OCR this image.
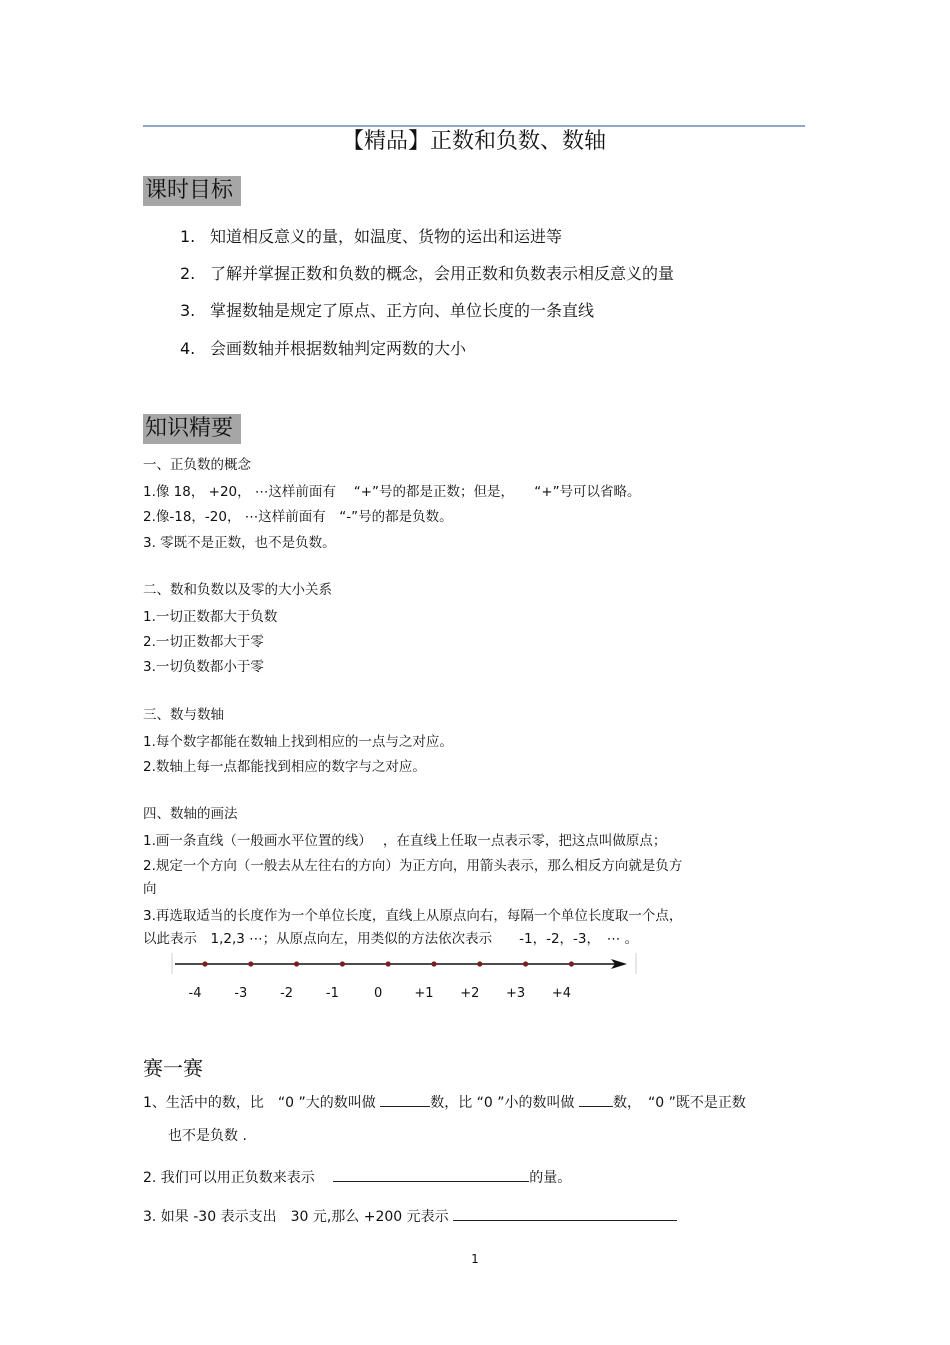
【精品】正数和负数、数轴
课时目标
1. 知道相反意义的量，如温度、货物的运出和运进等
2. 了解并掌握正数和负数的概念，会用正数和负数表示相反意义的量
3. 掌握数轴是规定了原点、正方向、单位长度的一条直线
4. 会画数轴并根据数轴判定两数的大小
知识精要
一、正负数的概念
1.像 18， +20， ⋯这样前面有　 “+”号的都是正数；但是，　　“+”号可以省略。
2.像-18，-20， ⋯这样前面有　“-”号的都是负数。
3. 零既不是正数，也不是负数。
二、数和负数以及零的大小关系
1.一切正数都大于负数
2.一切正数都大于零
3.一切负数都小于零
三、数与数轴
1.每个数字都能在数轴上找到相应的一点与之对应。
2.数轴上每一点都能找到相应的数字与之对应。
四、数轴的画法
1.画一条直线（一般画水平位置的线）　 ，在直线上任取一点表示零，把这点叫做原点；
2.规定一个方向（一般去从左往右的方向）为正方向，用箭头表示，那么相反方向就是负方
向
3.再选取适当的长度作为一个单位长度，直线上从原点向右，每隔一个单位长度取一个点，
以此表示　1,2,3 ⋯；从原点向左，用类似的方法依次表示　　-1，-2，-3，　⋯ 。
-4	-3	-2	-1	0 +1 +2 +3 +4
赛一赛
1、生活中的数，比　“0 ”大的数叫做	数，比 “0 ”小的数叫做 数，　“0 ”既不是正数
也不是负数 .
2. 我们可以用正负数来表示	的量。
3. 如果 -30 表示支出　30 元,那么 +200 元表示
1
